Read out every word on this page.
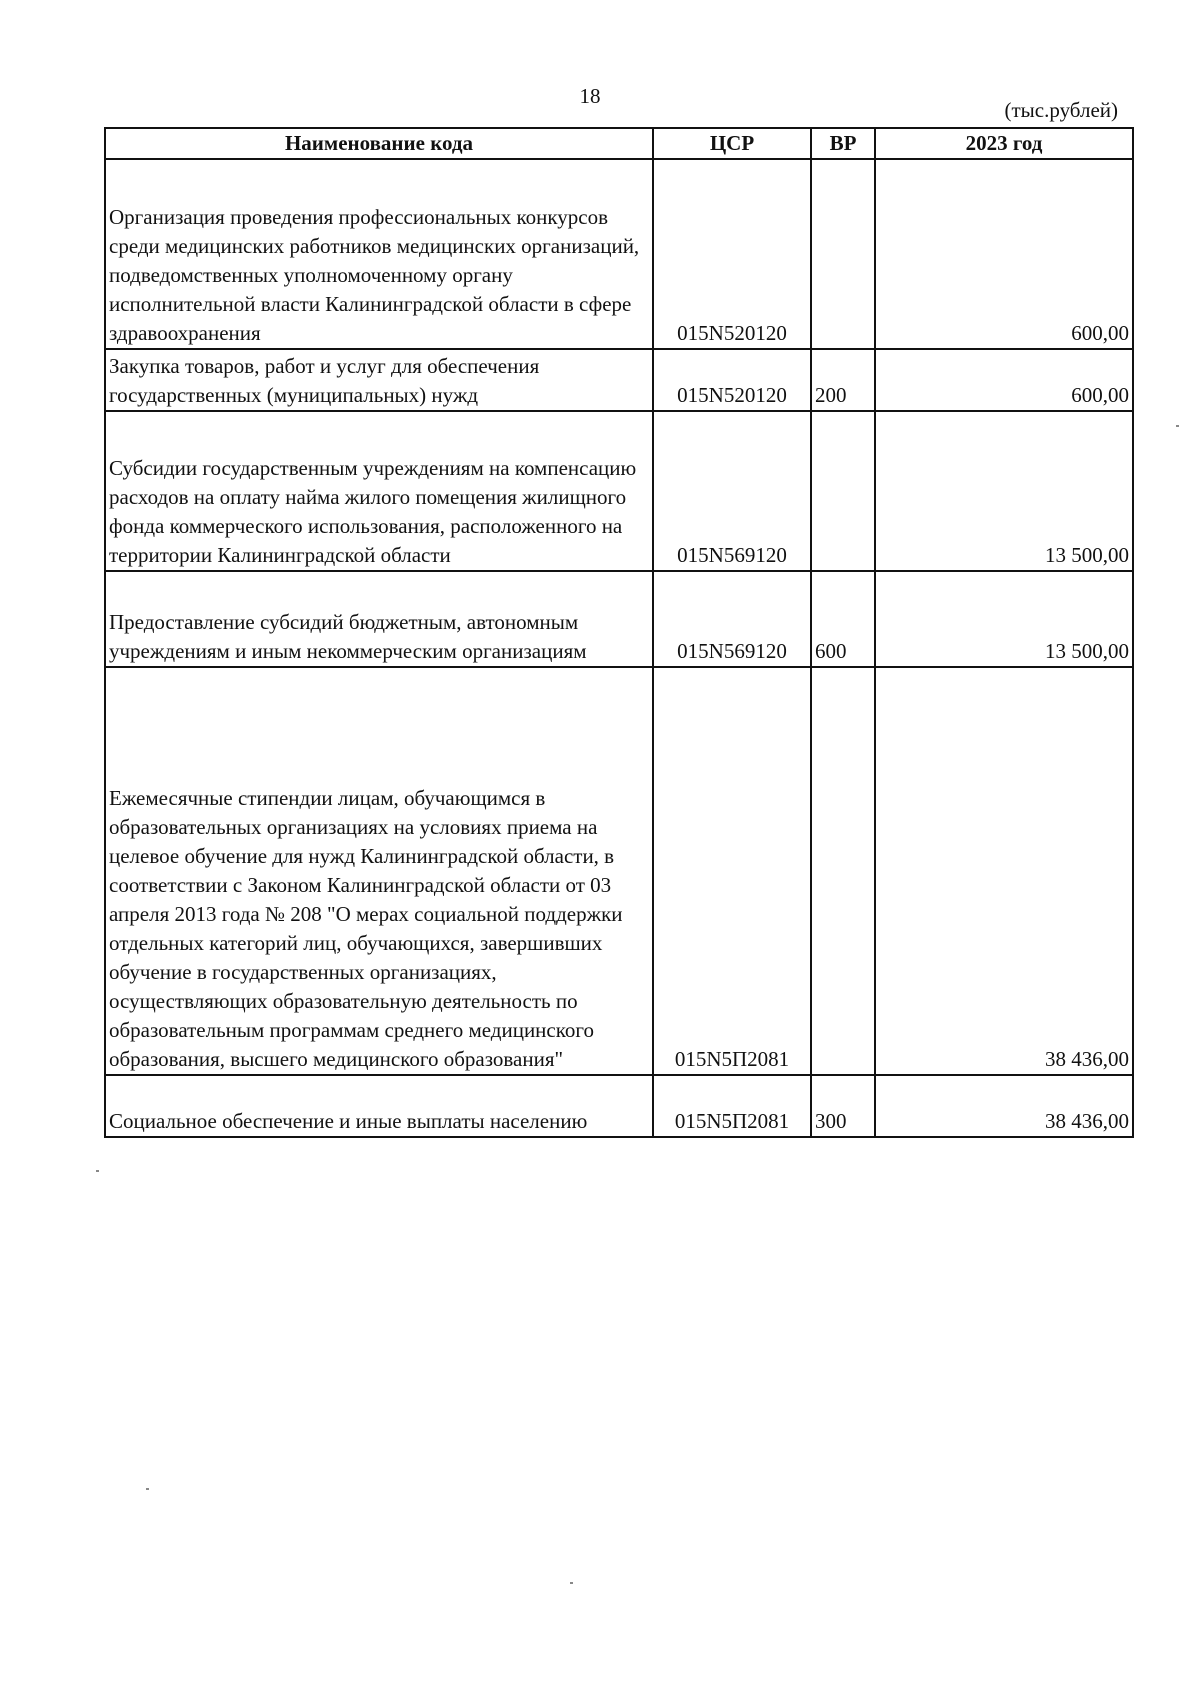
18
(тыс.рублей)
Наименование кода	ЦСР	ВР	2023 год
Организация проведения профессиональных конкурсов среди медицинских работников медицинских организаций, подведомственных уполномоченному органу исполнительной власти Калининградской области в сфере здравоохранения	015N520120		600,00
Закупка товаров, работ и услуг для обеспечения государственных (муниципальных) нужд	015N520120	200	600,00
Субсидии государственным учреждениям на компенсацию расходов на оплату найма жилого помещения жилищного фонда коммерческого использования, расположенного на территории Калининградской области	015N569120		13 500,00
Предоставление субсидий бюджетным, автономным учреждениям и иным некоммерческим организациям	015N569120	600	13 500,00
Ежемесячные стипендии лицам, обучающимся в образовательных организациях на условиях приема на целевое обучение для нужд Калининградской области, в соответствии с Законом Калининградской области от 03 апреля 2013 года № 208 "О мерах социальной поддержки отдельных категорий лиц, обучающихся, завершивших обучение в государственных организациях, осуществляющих образовательную деятельность по образовательным программам среднего медицинского образования, высшего медицинского образования"	015N5П2081		38 436,00
Социальное обеспечение и иные выплаты населению	015N5П2081	300	38 436,00
